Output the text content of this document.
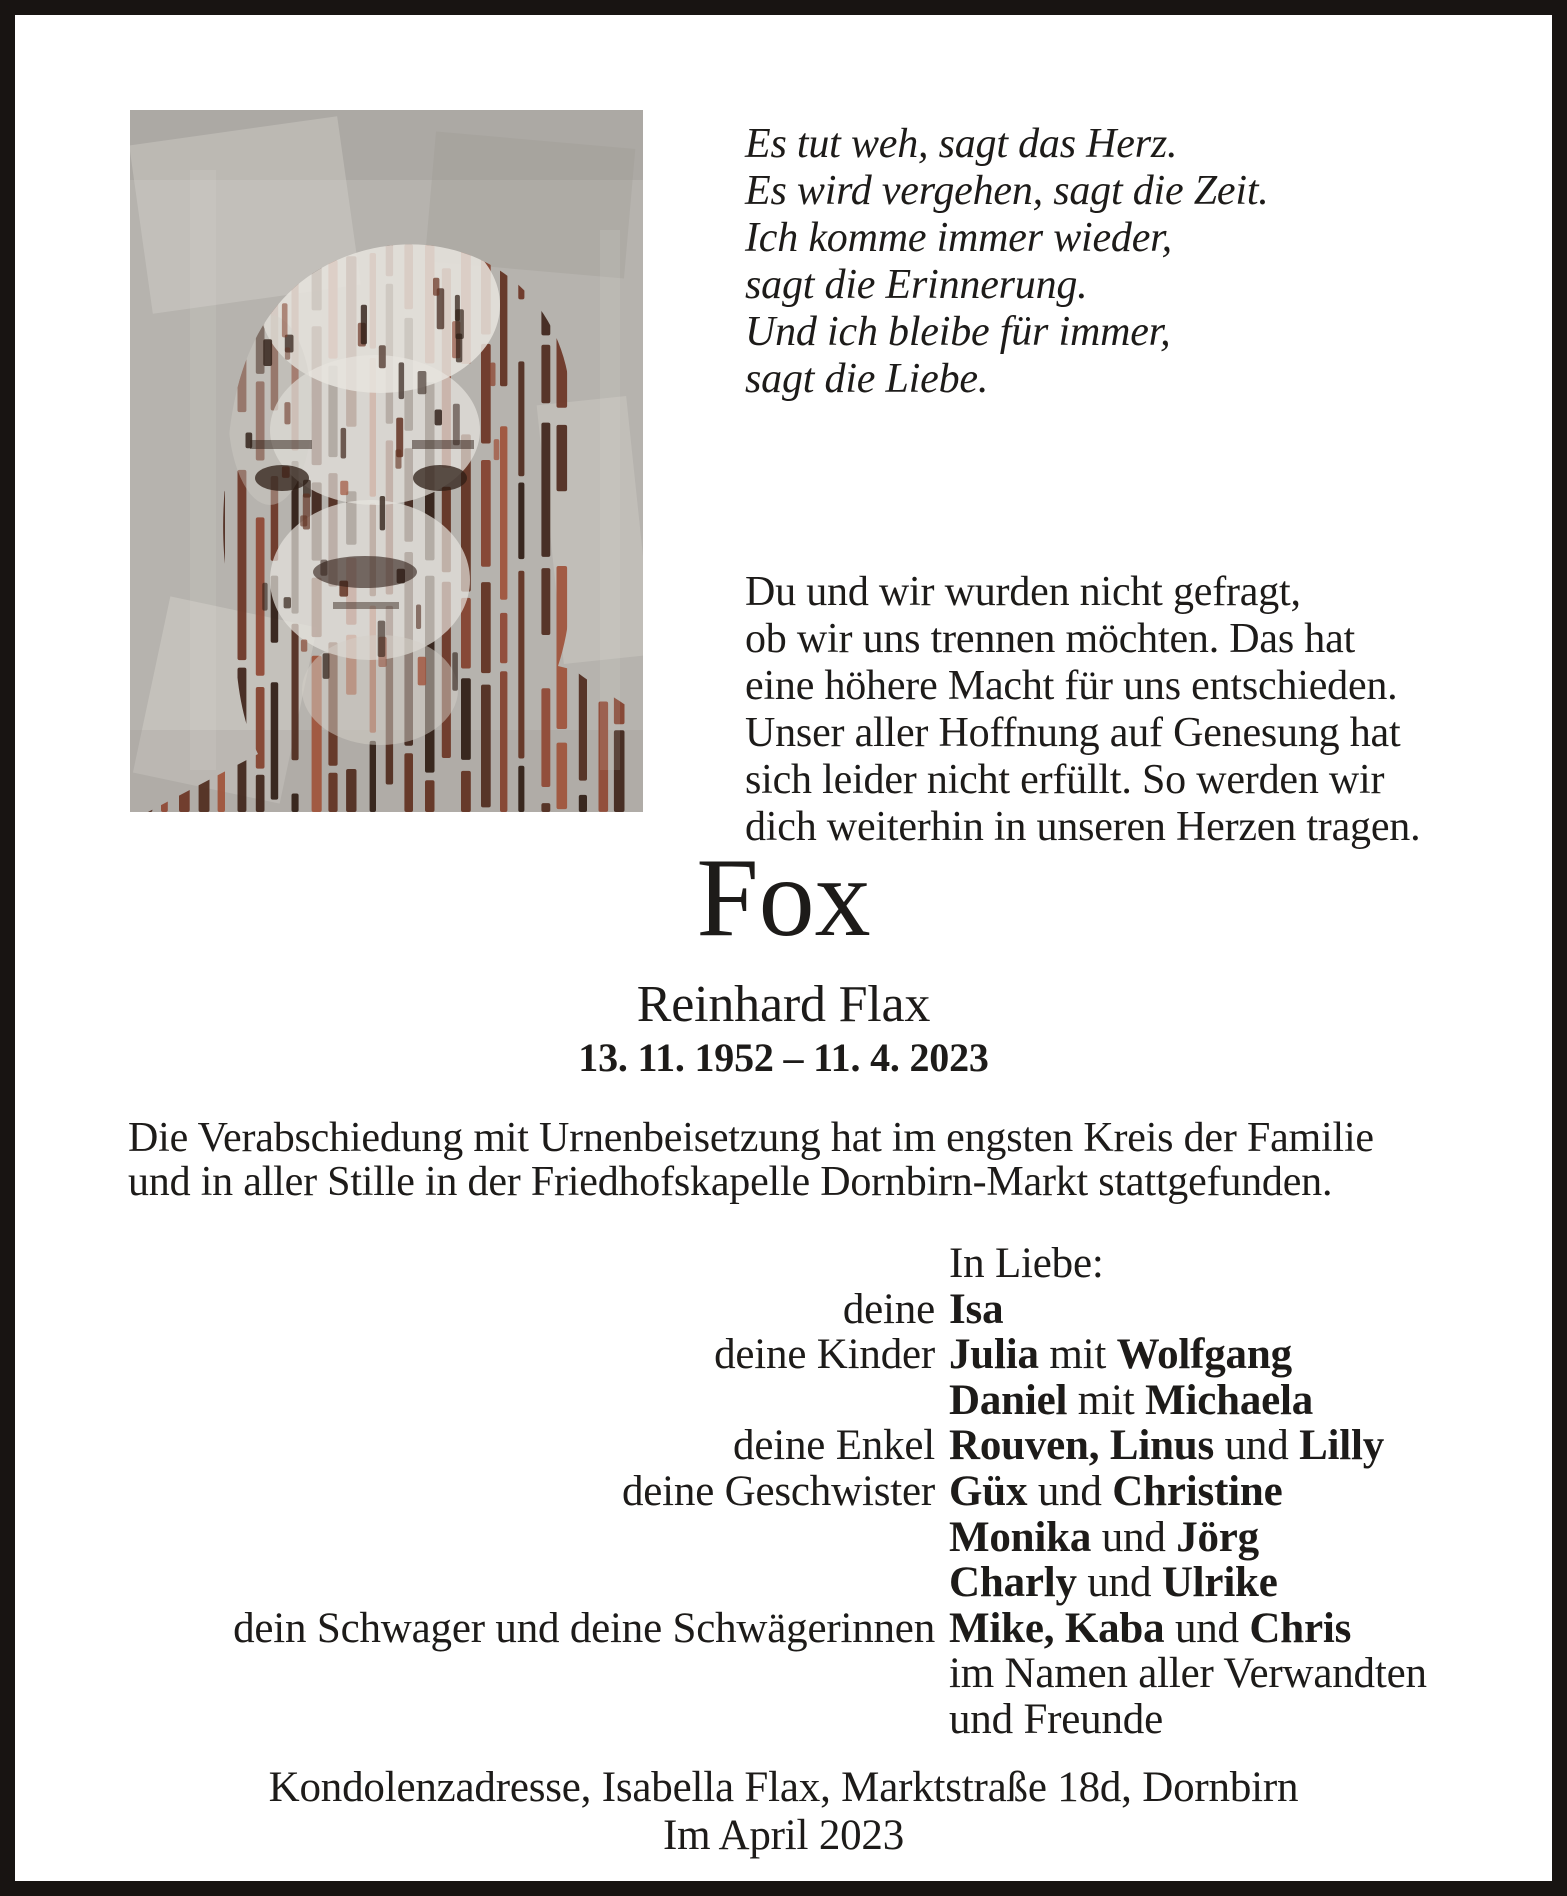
Es tut weh, sagt das Herz.
Es wird vergehen, sagt die Zeit.
Ich komme immer wieder,
sagt die Erinnerung.
Und ich bleibe für immer,
sagt die Liebe.
Du und wir wurden nicht gefragt,
ob wir uns trennen möchten. Das hat
eine höhere Macht für uns entschieden.
Unser aller Hoffnung auf Genesung hat
sich leider nicht erfüllt. So werden wir
dich weiterhin in unseren Herzen tragen.
Fox
Reinhard Flax
13. 11. 1952 – 11. 4. 2023
Die Verabschiedung mit Urnenbeisetzung hat im engsten Kreis der Familie
und in aller Stille in der Friedhofskapelle Dornbirn-Markt stattgefunden.
In Liebe:
deine Isa
deine Kinder Julia mit Wolfgang
Daniel mit Michaela
deine Enkel Rouven, Linus und Lilly
deine Geschwister Güx und Christine
Monika und Jörg
Charly und Ulrike
dein Schwager und deine Schwägerinnen Mike, Kaba und Chris
im Namen aller Verwandten
und Freunde
Kondolenzadresse, Isabella Flax, Marktstraße 18d, Dornbirn
Im April 2023
